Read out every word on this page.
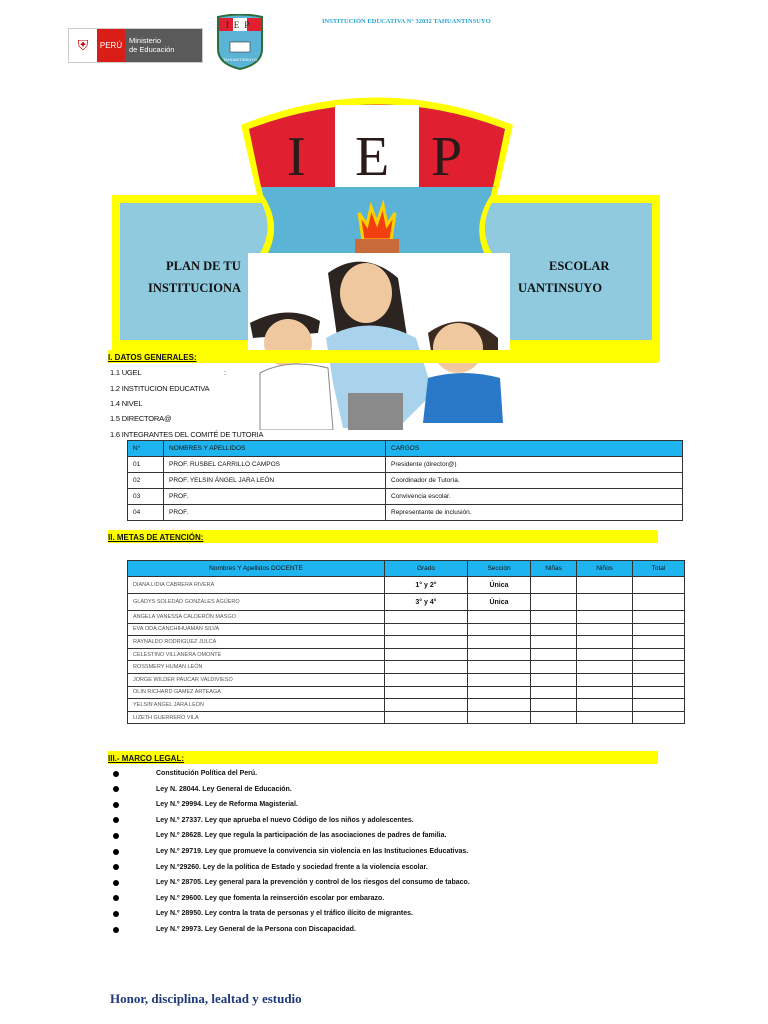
⛨	PERÚ
Ministerio
de Educación
IEP
TAHUANTINSUYO
INSTITUCIÓN EDUCATIVA N° 32032 TAHUANTINSUYO
PLAN DE TU
INSTITUCIONA
ESCOLAR
UANTINSUYO
I E P
I. DATOS GENERALES:
1.1 UGEL	:
1.2 INSTITUCION EDUCATIVA
1.4 NIVEL
1.5 DIRECTORA@
1.6 INTEGRANTES DEL COMITÉ DE TUTORIA
N°	NOMBRES Y APELLIDOS	CARGOS
01	PROF. RUSBEL CARRILLO CAMPOS	Presidente (director@)
02	PROF. YELSIN ÁNGEL JARA LEÓN	Coordinador de Tutoría.
03	PROF.	Convivencia escolar.
04	PROF.	Representante de inclusión.
II. METAS DE ATENCIÓN:
Nombres Y Apellidos DOCENTE	Grado	Sección	Niñas	Niños	Total
DIANA LIDIA CABRERA RIVERA	1° y 2°	Única			
GLADYS SOLEDAD GONZALES AGÜERO	3° y 4°	Única			
ANGELA VANESSA CALDERÓN MASGO					
EVA ODA CANCHIHUAMAN SILVA					
RAYNALDO RODRIGUEZ JULCA					
CELESTINO VILLANERA OMONTE					
ROSSMERY HUMAN LEÓN					
JORGE WILDER PAUCAR VALDIVIESO					
OLIN RICHARD GAMEZ ARTEAGA					
YELSIN ANGEL JARA LEÓN					
LIZETH GUERRERO VILA					
III.- MARCO LEGAL:
Constitución Política del Perú.
Ley N. 28044. Ley General de Educación.
Ley N.º 29994. Ley de Reforma Magisterial.
Ley N.º 27337. Ley que aprueba el nuevo Código de los niños y adolescentes.
Ley N.º 28628. Ley que regula la participación de las asociaciones de padres de familia.
Ley N.º 29719. Ley que promueve la convivencia sin violencia en las Instituciones Educativas.
Ley N.º29260. Ley de la política de Estado y sociedad frente a la violencia escolar.
Ley N.º 28705. Ley general para la prevención y control de los riesgos del consumo de tabaco.
Ley N.º 29600. Ley que fomenta la reinserción escolar por embarazo.
Ley N.º 28950. Ley contra la trata de personas y el tráfico ilícito de migrantes.
Ley N.º 29973. Ley General de la Persona con Discapacidad.
Honor, disciplina, lealtad y estudio
